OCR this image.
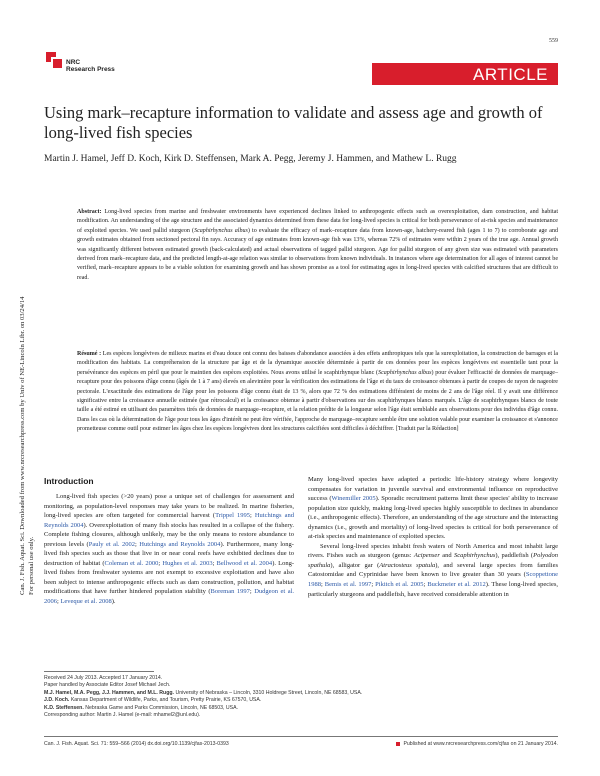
559
NRC
Research Press	ARTICLE
Using mark–recapture information to validate and assess age and growth of long-lived fish species
Martin J. Hamel, Jeff D. Koch, Kirk D. Steffensen, Mark A. Pegg, Jeremy J. Hammen, and Mathew L. Rugg
Abstract: Long-lived species from marine and freshwater environments have experienced declines linked to anthropogenic effects such as overexploitation, dam construction, and habitat modification. An understanding of the age structure and the associated dynamics determined from these data for long-lived species is critical for both perseverance of at-risk species and maintenance of exploited species. We used pallid sturgeon (Scaphirhynchus albus) to evaluate the efficacy of mark–recapture data from known-age, hatchery-reared fish (ages 1 to 7) to corroborate age and growth estimates obtained from sectioned pectoral fin rays. Accuracy of age estimates from known-age fish was 13%, whereas 72% of estimates were within 2 years of the true age. Annual growth was significantly different between estimated growth (back-calculated) and actual observations of tagged pallid sturgeon. Age for pallid sturgeon of any given size was estimated with parameters derived from mark–recapture data, and the predicted length-at-age relation was similar to observations from known individuals. In instances where age determination for all ages of interest cannot be verified, mark–recapture appears to be a viable solution for examining growth and has shown promise as a tool for estimating ages in long-lived species with calcified structures that are difficult to read.
Résumé : Les espèces longévives de milieux marins et d'eau douce ont connu des baisses d'abondance associées à des effets anthropiques tels que la surexploitation, la construction de barrages et la modification des habitats. La compréhension de la structure par âge et de la dynamique associée déterminée à partir de ces données pour les espèces longévives est essentielle tant pour la persévérance des espèces en péril que pour le maintien des espèces exploitées. Nous avons utilisé le scaphirhynque blanc (Scaphirhynchus albus) pour évaluer l'efficacité de données de marquage–recapture pour des poissons d'âge connu (âgés de 1 à 7 ans) élevés en alevinière pour la vérification des estimations de l'âge et du taux de croissance obtenues à partir de coupes de rayon de nageoire pectorale. L'exactitude des estimations de l'âge pour les poissons d'âge connu était de 13 %, alors que 72 % des estimations différaient de moins de 2 ans de l'âge réel. Il y avait une différence significative entre la croissance annuelle estimée (par rétrocalcul) et la croissance obtenue à partir d'observations sur des scaphirhynques blancs marqués. L'âge de scaphirhynques blancs de toute taille a été estimé en utilisant des paramètres tirés de données de marquage–recapture, et la relation prédite de la longueur selon l'âge était semblable aux observations pour des individus d'âge connu. Dans les cas où la détermination de l'âge pour tous les âges d'intérêt ne peut être vérifiée, l'approche de marquage–recapture semble être une solution valable pour examiner la croissance et s'annonce prometteuse comme outil pour estimer les âges chez les espèces longévives dont les structures calcifiées sont difficiles à déchiffrer. [Traduit par la Rédaction]
Can. J. Fish. Aquat. Sci. Downloaded from www.nrcresearchpress.com by Univ of NE-Lincoln Libr. on 03/24/14 For personal use only.
Introduction

Long-lived fish species (>20 years) pose a unique set of challenges for assessment and monitoring, as population-level responses may take years to be realized. In marine fisheries, long-lived species are often targeted for commercial harvest (Trippel 1995; Hutchings and Reynolds 2004). Overexploitation of many fish stocks has resulted in a collapse of the fishery. Complete fishing closures, although unlikely, may be the only means to restore abundance to previous levels (Pauly et al. 2002; Hutchings and Reynolds 2004). Furthermore, many long-lived fish species such as those that live in or near coral reefs have exhibited declines due to destruction of habitat (Coleman et al. 2000; Hughes et al. 2003; Bellwood et al. 2004). Long-lived fishes from freshwater systems are not exempt to excessive exploitation and have also been subject to intense anthropogenic effects such as dam construction, pollution, and habitat modifications that have further hindered population stability (Boreman 1997; Dudgeon et al. 2006; Leveque et al. 2008).

Many long-lived species have adapted a periodic life-history strategy where longevity compensates for variation in juvenile survival and environmental influence on reproductive success (Winemiller 2005). Sporadic recruitment patterns limit these species' ability to increase population size quickly, making long-lived species highly susceptible to declines in abundance (i.e., anthropogenic effects). Therefore, an understanding of the age structure and the interacting dynamics (i.e., growth and mortality) of long-lived species is critical for both perseverance of at-risk species and maintenance of exploited species.

Several long-lived species inhabit fresh waters of North America and most inhabit large rivers. Fishes such as sturgeon (genus: Acipenser and Scaphirhynchus), paddlefish (Polyodon spathula), alligator gar (Atractosteus spatula), and several large species from families Catostomidae and Cyprinidae have been known to live greater than 30 years (Scoppettone 1988; Bemis et al. 1997; Pikitch et al. 2005; Buckmeier et al. 2012). These long-lived species, particularly sturgeons and paddlefish, have received considerable attention in

Received 24 July 2013. Accepted 17 January 2014.
Paper handled by Associate Editor Josef Michael Jech.
M.J. Hamel, M.A. Pegg, J.J. Hammen, and M.L. Rugg. University of Nebraska – Lincoln, 3310 Holdrege Street, Lincoln, NE 68583, USA.
J.D. Koch. Kansas Department of Wildlife, Parks, and Tourism, Pretty Prairie, KS 67570, USA.
K.D. Steffensen. Nebraska Game and Parks Commission, Lincoln, NE 68503, USA.
Corresponding author: Martin J. Hamel (e-mail: mhamel2@unl.edu).
Can. J. Fish. Aquat. Sci. 71: 559–566 (2014) dx.doi.org/10.1139/cjfas-2013-0393	Published at www.nrcresearchpress.com/cjfas on 21 January 2014.
